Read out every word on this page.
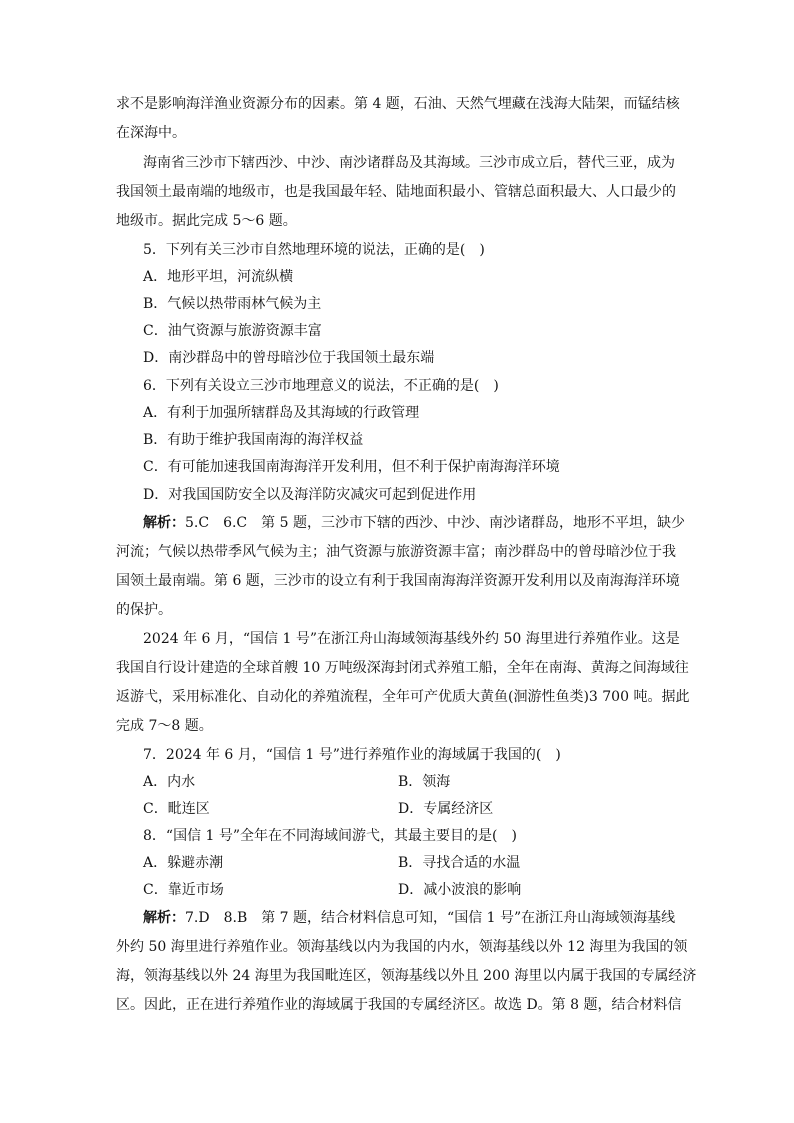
求不是影响海洋渔业资源分布的因素。第 4 题，石油、天然气埋藏在浅海大陆架，而锰结核
在深海中。
海南省三沙市下辖西沙、中沙、南沙诸群岛及其海域。三沙市成立后，替代三亚，成为
我国领土最南端的地级市，也是我国最年轻、陆地面积最小、管辖总面积最大、人口最少的
地级市。据此完成 5～6 题。
5．下列有关三沙市自然地理环境的说法，正确的是(　)
A．地形平坦，河流纵横
B．气候以热带雨林气候为主
C．油气资源与旅游资源丰富
D．南沙群岛中的曾母暗沙位于我国领土最东端
6．下列有关设立三沙市地理意义的说法，不正确的是(　)
A．有利于加强所辖群岛及其海域的行政管理
B．有助于维护我国南海的海洋权益
C．有可能加速我国南海海洋开发利用，但不利于保护南海海洋环境
D．对我国国防安全以及海洋防灾减灾可起到促进作用
解析：5.C　6.C　第 5 题，三沙市下辖的西沙、中沙、南沙诸群岛，地形不平坦，缺少
河流；气候以热带季风气候为主；油气资源与旅游资源丰富；南沙群岛中的曾母暗沙位于我
国领土最南端。第 6 题，三沙市的设立有利于我国南海海洋资源开发利用以及南海海洋环境
的保护。
2024 年 6 月，“国信 1 号”在浙江舟山海域领海基线外约 50 海里进行养殖作业。这是
我国自行设计建造的全球首艘 10 万吨级深海封闭式养殖工船，全年在南海、黄海之间海域往
返游弋，采用标准化、自动化的养殖流程，全年可产优质大黄鱼(洄游性鱼类)3 700 吨。据此
完成 7～8 题。
7．2024 年 6 月，“国信 1 号”进行养殖作业的海域属于我国的(　)
A．内水	B．领海
C．毗连区	D．专属经济区
8．“国信 1 号”全年在不同海域间游弋，其最主要目的是(　)
A．躲避赤潮	B．寻找合适的水温
C．靠近市场	D．减小波浪的影响
解析：7.D　8.B　第 7 题，结合材料信息可知，“国信 1 号”在浙江舟山海域领海基线
外约 50 海里进行养殖作业。领海基线以内为我国的内水，领海基线以外 12 海里为我国的领
海，领海基线以外 24 海里为我国毗连区，领海基线以外且 200 海里以内属于我国的专属经济
区。因此，正在进行养殖作业的海域属于我国的专属经济区。故选 D。第 8 题，结合材料信
